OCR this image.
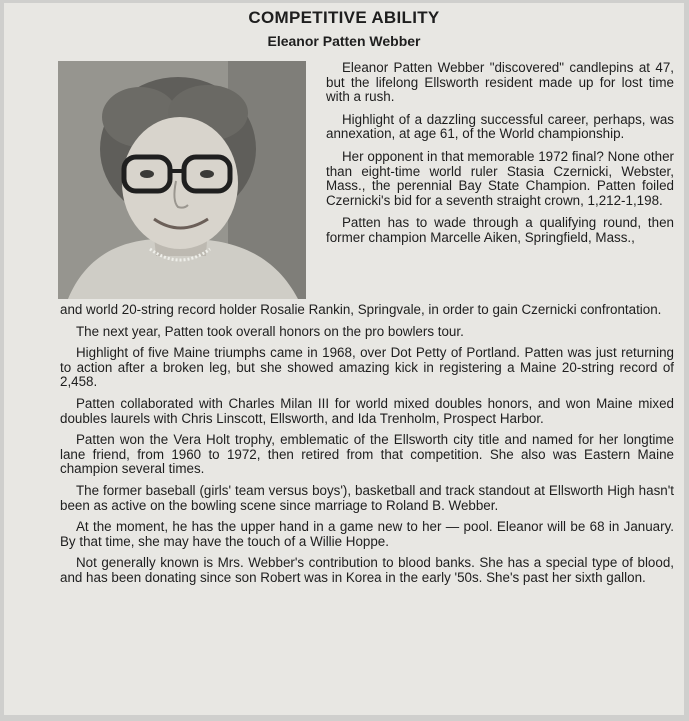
COMPETITIVE ABILITY
Eleanor Patten Webber

Eleanor Patten Webber "discovered" candlepins at 47, but the lifelong Ellsworth resident made up for lost time with a rush.

Highlight of a dazzling successful career, perhaps, was annexation, at age 61, of the World championship.

Her opponent in that memorable 1972 final? None other than eight-time world ruler Stasia Czernicki, Webster, Mass., the perennial Bay State Champion. Patten foiled Czernicki's bid for a seventh straight crown, 1,212-1,198.

Patten has to wade through a qualifying round, then former champion Marcelle Aiken, Springfield, Mass.,

and world 20-string record holder Rosalie Rankin, Springvale, in order to gain Czernicki confrontation.

The next year, Patten took overall honors on the pro bowlers tour.

Highlight of five Maine triumphs came in 1968, over Dot Petty of Portland. Patten was just returning to action after a broken leg, but she showed amazing kick in registering a Maine 20-string record of 2,458.

Patten collaborated with Charles Milan III for world mixed doubles honors, and won Maine mixed doubles laurels with Chris Linscott, Ellsworth, and Ida Trenholm, Prospect Harbor.

Patten won the Vera Holt trophy, emblematic of the Ellsworth city title and named for her longtime lane friend, from 1960 to 1972, then retired from that competition. She also was Eastern Maine champion several times.

The former baseball (girls' team versus boys'), basketball and track standout at Ellsworth High hasn't been as active on the bowling scene since marriage to Roland B. Webber.

At the moment, he has the upper hand in a game new to her — pool. Eleanor will be 68 in January. By that time, she may have the touch of a Willie Hoppe.

Not generally known is Mrs. Webber's contribution to blood banks. She has a special type of blood, and has been donating since son Robert was in Korea in the early '50s. She's past her sixth gallon.
